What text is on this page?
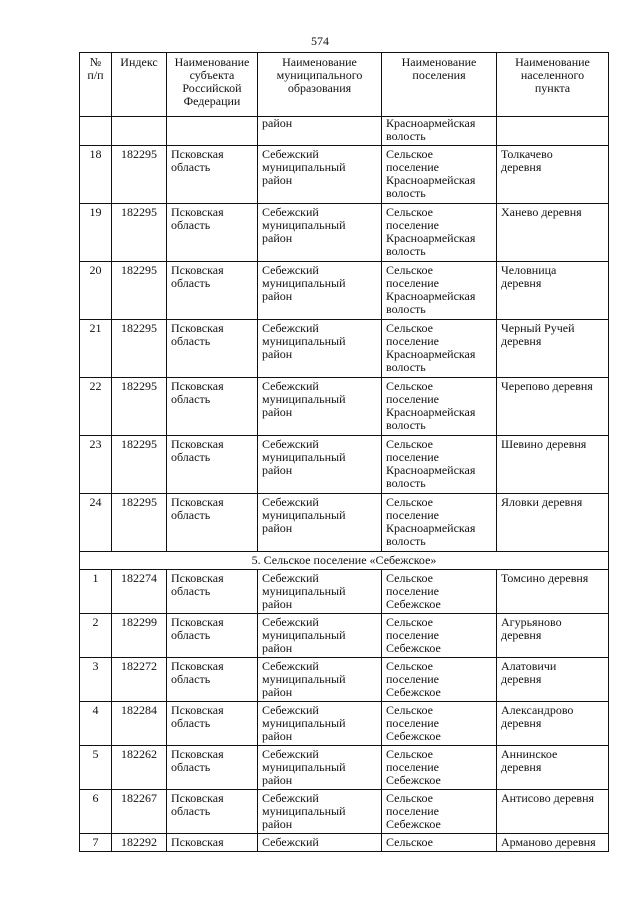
574
№
п/п	Индекс	Наименование
субъекта
Российской
Федерации	Наименование
муниципального
образования	Наименование
поселения	Наименование
населенного
пункта

			район	Красноармейская
волость	

18	182295	Псковская
область	Себежский
муниципальный
район	Сельское
поселение
Красноармейская
волость	Толкачево
деревня

19	182295	Псковская
область	Себежский
муниципальный
район	Сельское
поселение
Красноармейская
волость	Ханево деревня

20	182295	Псковская
область	Себежский
муниципальный
район	Сельское
поселение
Красноармейская
волость	Чeловница
деревня

21	182295	Псковская
область	Себежский
муниципальный
район	Сельское
поселение
Красноармейская
волость	Черный Ручей
деревня

22	182295	Псковская
область	Себежский
муниципальный
район	Сельское
поселение
Красноармейская
волость	Черепово деревня

23	182295	Псковская
область	Себежский
муниципальный
район	Сельское
поселение
Красноармейская
волость	Шевино деревня

24	182295	Псковская
область	Себежский
муниципальный
район	Сельское
поселение
Красноармейская
волость	Яловки деревня

5. Сельское поселение «Себежское»					

1	182274	Псковская
область	Себежский
муниципальный
район	Сельское
поселение
Себежское	Томсино деревня

2	182299	Псковская
область	Себежский
муниципальный
район	Сельское
поселение
Себежское	Агурьяново
деревня

3	182272	Псковская
область	Себежский
муниципальный
район	Сельское
поселение
Себежское	Алатовичи
деревня

4	182284	Псковская
область	Себежский
муниципальный
район	Сельское
поселение
Себежское	Александрово
деревня

5	182262	Псковская
область	Себежский
муниципальный
район	Сельское
поселение
Себежское	Аннинское
деревня

6	182267	Псковская
область	Себежский
муниципальный
район	Сельское
поселение
Себежское	Антисово деревня

7	182292	Псковская	Себежский	Сельское	Арманово деревня
